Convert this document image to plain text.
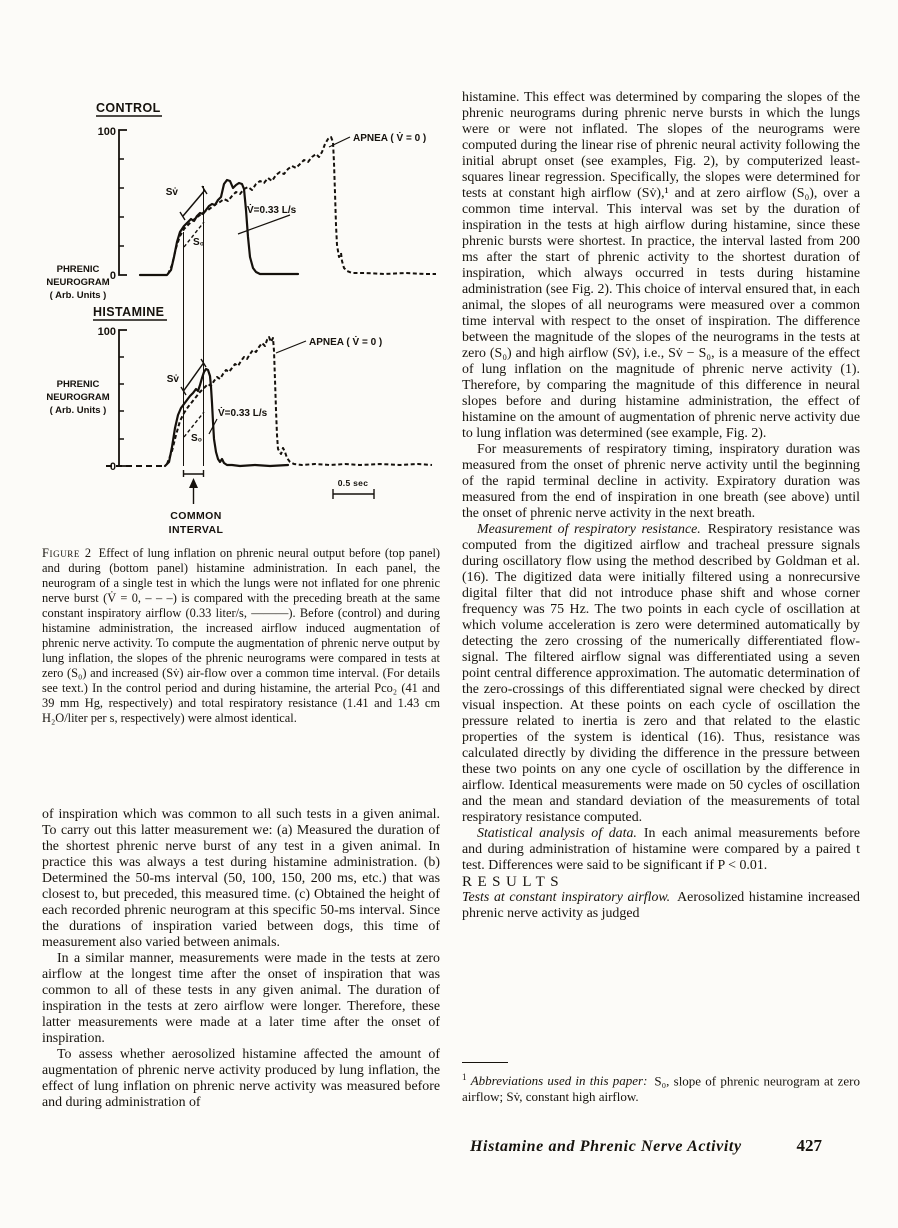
CONTROL
100
0
PHRENIC
NEUROGRAM
( Arb. Units )
Sv̇
S₀
V̇=0.33 L/s
APNEA ( V̇ = 0 )
HISTAMINE
100
0
PHRENIC
NEUROGRAM
( Arb. Units )
Sv̇
S₀
V̇=0.33 L/s
APNEA ( V̇ = 0 )
COMMON
INTERVAL
0.5 sec
Figure 2 Effect of lung inflation on phrenic neural output before (top panel) and during (bottom panel) histamine administration. In each panel, the neurogram of a single test in which the lungs were not inflated for one phrenic nerve burst (V̇ = 0, – – –) is compared with the preceding breath at the same constant inspiratory airflow (0.33 liter/s, ———). Before (control) and during histamine administration, the increased airflow induced augmentation of phrenic nerve activity. To compute the augmentation of phrenic nerve output by lung inflation, the slopes of the phrenic neurograms were compared in tests at zero (S₀) and increased (Sv̇) air-flow over a common time interval. (For details see text.) In the control period and during histamine, the arterial Pco₂ (41 and 39 mm Hg, respectively) and total respiratory resistance (1.41 and 1.43 cm H₂O/liter per s, respectively) were almost identical.

of inspiration which was common to all such tests in a given animal. To carry out this latter measurement we: (a) Measured the duration of the shortest phrenic nerve burst of any test in a given animal. In practice this was always a test during histamine administration. (b) Determined the 50-ms interval (50, 100, 150, 200 ms, etc.) that was closest to, but preceded, this measured time. (c) Obtained the height of each recorded phrenic neurogram at this specific 50-ms interval. Since the durations of inspiration varied between dogs, this time of measurement also varied between animals.

In a similar manner, measurements were made in the tests at zero airflow at the longest time after the onset of inspiration that was common to all of these tests in any given animal. The duration of inspiration in the tests at zero airflow were longer. Therefore, these latter measurements were made at a later time after the onset of inspiration.

To assess whether aerosolized histamine affected the amount of augmentation of phrenic nerve activity produced by lung inflation, the effect of lung inflation on phrenic nerve activity was measured before and during administration of

histamine. This effect was determined by comparing the slopes of the phrenic neurograms during phrenic nerve bursts in which the lungs were or were not inflated. The slopes of the neurograms were computed during the linear rise of phrenic neural activity following the initial abrupt onset (see examples, Fig. 2), by computerized least-squares linear regression. Specifically, the slopes were determined for tests at constant high airflow (Sv̇),¹ and at zero airflow (S₀), over a common time interval. This interval was set by the duration of inspiration in the tests at high airflow during histamine, since these phrenic bursts were shortest. In practice, the interval lasted from 200 ms after the start of phrenic activity to the shortest duration of inspiration, which always occurred in tests during histamine administration (see Fig. 2). This choice of interval ensured that, in each animal, the slopes of all neurograms were measured over a common time interval with respect to the onset of inspiration. The difference between the magnitude of the slopes of the neurograms in the tests at zero (S₀) and high airflow (Sv̇), i.e., Sv̇ − S₀, is a measure of the effect of lung inflation on the magnitude of phrenic nerve activity (1). Therefore, by comparing the magnitude of this difference in neural slopes before and during histamine administration, the effect of histamine on the amount of augmentation of phrenic nerve activity due to lung inflation was determined (see example, Fig. 2).

For measurements of respiratory timing, inspiratory duration was measured from the onset of phrenic nerve activity until the beginning of the rapid terminal decline in activity. Expiratory duration was measured from the end of inspiration in one breath (see above) until the onset of phrenic nerve activity in the next breath.

Measurement of respiratory resistance. Respiratory resistance was computed from the digitized airflow and tracheal pressure signals during oscillatory flow using the method described by Goldman et al. (16). The digitized data were initially filtered using a nonrecursive digital filter that did not introduce phase shift and whose corner frequency was 75 Hz. The two points in each cycle of oscillation at which volume acceleration is zero were determined automatically by detecting the zero crossing of the numerically differentiated flow-signal. The filtered airflow signal was differentiated using a seven point central difference approximation. The automatic determination of the zero-crossings of this differentiated signal were checked by direct visual inspection. At these points on each cycle of oscillation the pressure related to inertia is zero and that related to the elastic properties of the system is identical (16). Thus, resistance was calculated directly by dividing the difference in the pressure between these two points on any one cycle of oscillation by the difference in airflow. Identical measurements were made on 50 cycles of oscillation and the mean and standard deviation of the measurements of total respiratory resistance computed.

Statistical analysis of data. In each animal measurements before and during administration of histamine were compared by a paired t test. Differences were said to be significant if P < 0.01.

RESULTS

Tests at constant inspiratory airflow. Aerosolized histamine increased phrenic nerve activity as judged

$^1$ Abbreviations used in this paper: S₀, slope of phrenic neurogram at zero airflow; Sv̇, constant high airflow.
Histamine and Phrenic Nerve Activity	427
